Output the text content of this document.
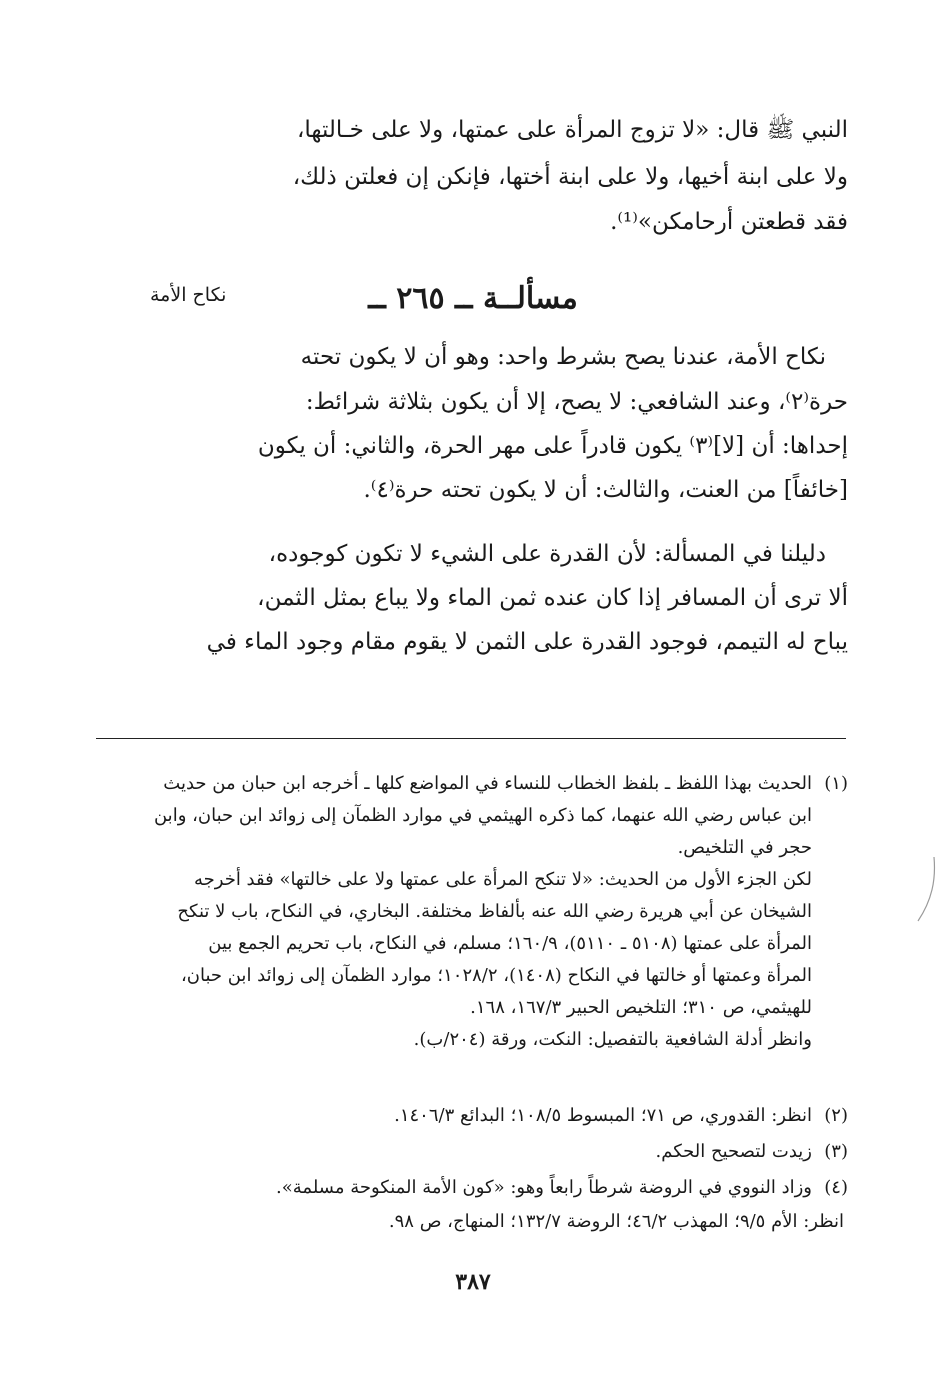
النبي ﷺ قال: «لا تزوج المرأة على عمتها، ولا على خـالتها،
ولا على ابنة أخيها، ولا على ابنة أختها، فإنكن إن فعلتن ذلك،
فقد قطعتن أرحامكن»⁽¹⁾.
مسألــة ــ ٢٦٥ ــ
نكاح الأمة
نكاح الأمة، عندنا يصح بشرط واحد: وهو أن لا يكون تحته
حرة⁽٢⁾، وعند الشافعي: لا يصح، إلا أن يكون بثلاثة شرائط:
إحداها: أن [لا]⁽٣⁾ يكون قادراً على مهر الحرة، والثاني: أن يكون
[خائفاً] من العنت، والثالث: أن لا يكون تحته حرة⁽٤⁾.
دليلنا في المسألة: لأن القدرة على الشيء لا تكون كوجوده،
ألا ترى أن المسافر إذا كان عنده ثمن الماء ولا يباع بمثل الثمن،
يباح له التيمم، فوجود القدرة على الثمن لا يقوم مقام وجود الماء في
(١)
الحديث بهذا اللفظ ـ بلفظ الخطاب للنساء في المواضع كلها ـ أخرجه ابن حبان من حديث
ابن عباس رضي الله عنهما، كما ذكره الهيثمي في موارد الظمآن إلى زوائد ابن حبان، وابن
حجر في التلخيص.
لكن الجزء الأول من الحديث: «لا تنكح المرأة على عمتها ولا على خالتها» فقد أخرجه
الشيخان عن أبي هريرة رضي الله عنه بألفاظ مختلفة. البخاري، في النكاح، باب لا تنكح
المرأة على عمتها (٥١٠٨ ـ ٥١١٠)، ١٦٠/٩؛ مسلم، في النكاح، باب تحريم الجمع بين
المرأة وعمتها أو خالتها في النكاح (١٤٠٨)، ١٠٢٨/٢؛ موارد الظمآن إلى زوائد ابن حبان،
للهيثمي، ص ٣١٠؛ التلخيص الحبير ١٦٧/٣، ١٦٨.
وانظر أدلة الشافعية بالتفصيل: النكت، ورقة (٢٠٤/ب).
(٢)
انظر: القدوري، ص ٧١؛ المبسوط ١٠٨/٥؛ البدائع ١٤٠٦/٣.
(٣)
زيدت لتصحيح الحكم.
(٤)
وزاد النووي في الروضة شرطاً رابعاً وهو: «كون الأمة المنكوحة مسلمة».
انظر: الأم ٩/٥؛ المهذب ٤٦/٢؛ الروضة ١٣٢/٧؛ المنهاج، ص ٩٨.
٣٨٧
